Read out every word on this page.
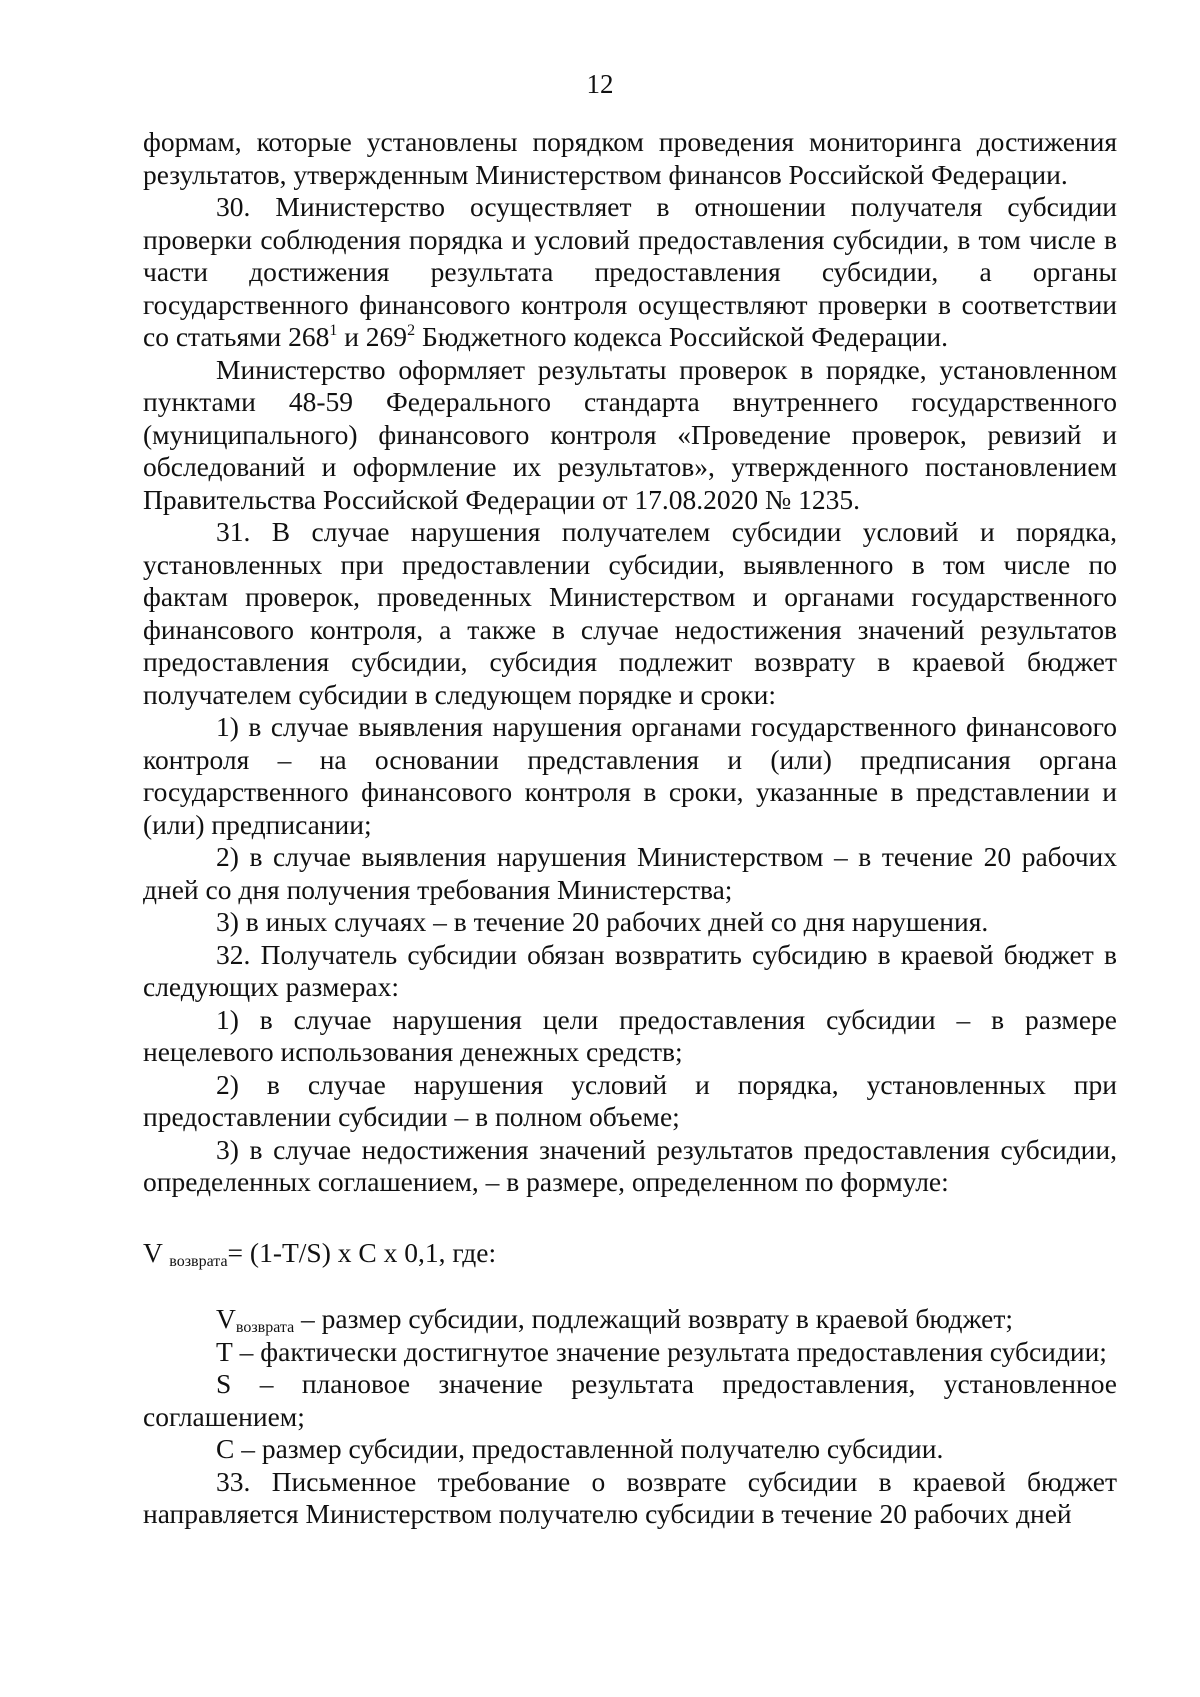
12

формам, которые установлены порядком проведения мониторинга достижения результатов, утвержденным Министерством финансов Российской Федерации.

30. Министерство осуществляет в отношении получателя субсидии проверки соблюдения порядка и условий предоставления субсидии, в том числе в части достижения результата предоставления субсидии, а органы государственного финансового контроля осуществляют проверки в соответствии со статьями $268^1$ и $269^2$ Бюджетного кодекса Российской Федерации.

Министерство оформляет результаты проверок в порядке, установленном пунктами 48-59 Федерального стандарта внутреннего государственного (муниципального) финансового контроля «Проведение проверок, ревизий и обследований и оформление их результатов», утвержденного постановлением Правительства Российской Федерации от 17.08.2020 № 1235.

31. В случае нарушения получателем субсидии условий и порядка, установленных при предоставлении субсидии, выявленного в том числе по фактам проверок, проведенных Министерством и органами государственного финансового контроля, а также в случае недостижения значений результатов предоставления субсидии, субсидия подлежит возврату в краевой бюджет получателем субсидии в следующем порядке и сроки:

1) в случае выявления нарушения органами государственного финансового контроля – на основании представления и (или) предписания органа государственного финансового контроля в сроки, указанные в представлении и (или) предписании;

2) в случае выявления нарушения Министерством – в течение 20 рабочих дней со дня получения требования Министерства;

3) в иных случаях – в течение 20 рабочих дней со дня нарушения.

32. Получатель субсидии обязан возвратить субсидию в краевой бюджет в следующих размерах:

1) в случае нарушения цели предоставления субсидии – в размере нецелевого использования денежных средств;

2) в случае нарушения условий и порядка, установленных при предоставлении субсидии – в полном объеме;

3) в случае недостижения значений результатов предоставления субсидии, определенных соглашением, – в размере, определенном по формуле:

V $_{возврата}$= (1-T/S) x C x 0,1, где:

$V_{возврата}$ – размер субсидии, подлежащий возврату в краевой бюджет;

Т – фактически достигнутое значение результата предоставления субсидии;

S – плановое значение результата предоставления, установленное соглашением;

С – размер субсидии, предоставленной получателю субсидии.

33. Письменное требование о возврате субсидии в краевой бюджет направляется Министерством получателю субсидии в течение 20 рабочих дней
